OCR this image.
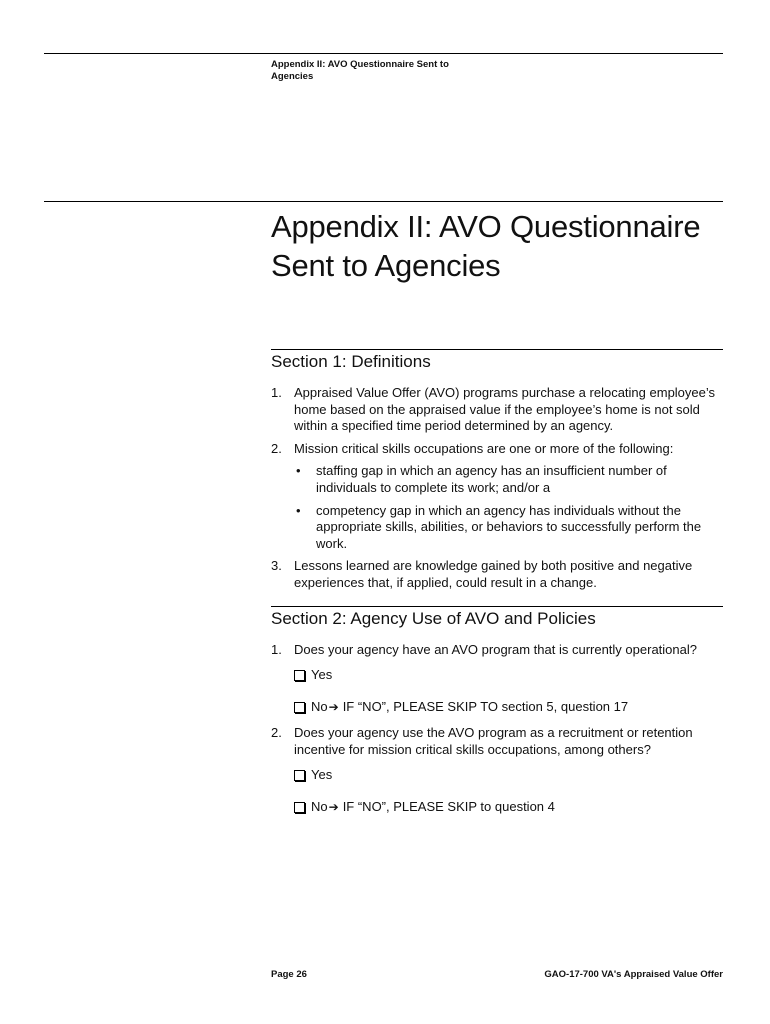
Appendix II: AVO Questionnaire Sent to Agencies
Appendix II: AVO Questionnaire Sent to Agencies
Section 1: Definitions
1. Appraised Value Offer (AVO) programs purchase a relocating employee’s home based on the appraised value if the employee’s home is not sold within a specified time period determined by an agency.
2. Mission critical skills occupations are one or more of the following:
• staffing gap in which an agency has an insufficient number of individuals to complete its work; and/or a
• competency gap in which an agency has individuals without the appropriate skills, abilities, or behaviors to successfully perform the work.
3. Lessons learned are knowledge gained by both positive and negative experiences that, if applied, could result in a change.
Section 2: Agency Use of AVO and Policies
1. Does your agency have an AVO program that is currently operational?
Yes
No ➔ IF “NO”, PLEASE SKIP TO section 5, question 17
2. Does your agency use the AVO program as a recruitment or retention incentive for mission critical skills occupations, among others?
Yes
No ➔ IF “NO”, PLEASE SKIP to question 4
Page 26	GAO-17-700 VA's Appraised Value Offer
